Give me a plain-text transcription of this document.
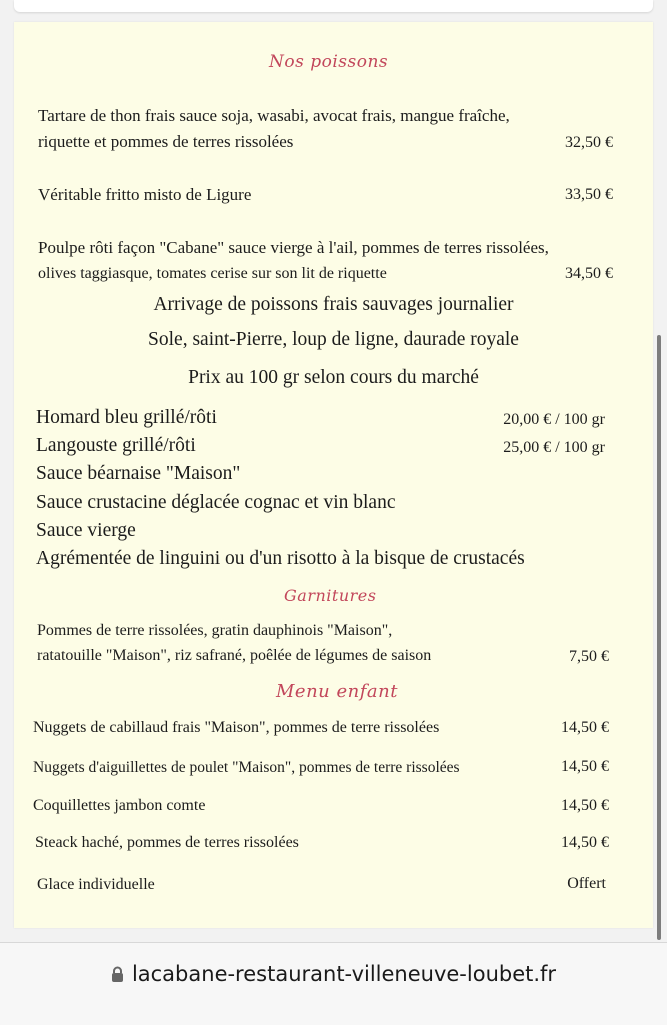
Nos poissons
Tartare de thon frais sauce soja, wasabi, avocat frais, mangue fraîche,
riquette et pommes de terres rissolées	32,50 €
Véritable fritto misto de Ligure	33,50 €
Poulpe rôti façon "Cabane" sauce vierge à l'ail, pommes de terres rissolées,
olives taggiasque, tomates cerise sur son lit de riquette	34,50 €
Arrivage de poissons frais sauvages journalier
Sole, saint-Pierre, loup de ligne, daurade royale
Prix au 100 gr selon cours du marché
Homard bleu grillé/rôti	20,00 € / 100 gr
Langouste grillé/rôti	25,00 € / 100 gr
Sauce béarnaise "Maison"
Sauce crustacine déglacée cognac et vin blanc
Sauce vierge
Agrémentée de linguini ou d'un risotto à la bisque de crustacés
Garnitures
Pommes de terre rissolées, gratin dauphinois "Maison",
ratatouille "Maison", riz safrané, poêlée de légumes de saison	7,50 €
Menu enfant
Nuggets de cabillaud frais "Maison", pommes de terre rissolées	14,50 €
Nuggets d'aiguillettes de poulet "Maison", pommes de terre rissolées	14,50 €
Coquillettes jambon comte	14,50 €
Steack haché, pommes de terres rissolées	14,50 €
Glace individuelle	Offert
lacabane-restaurant-villeneuve-loubet.fr
